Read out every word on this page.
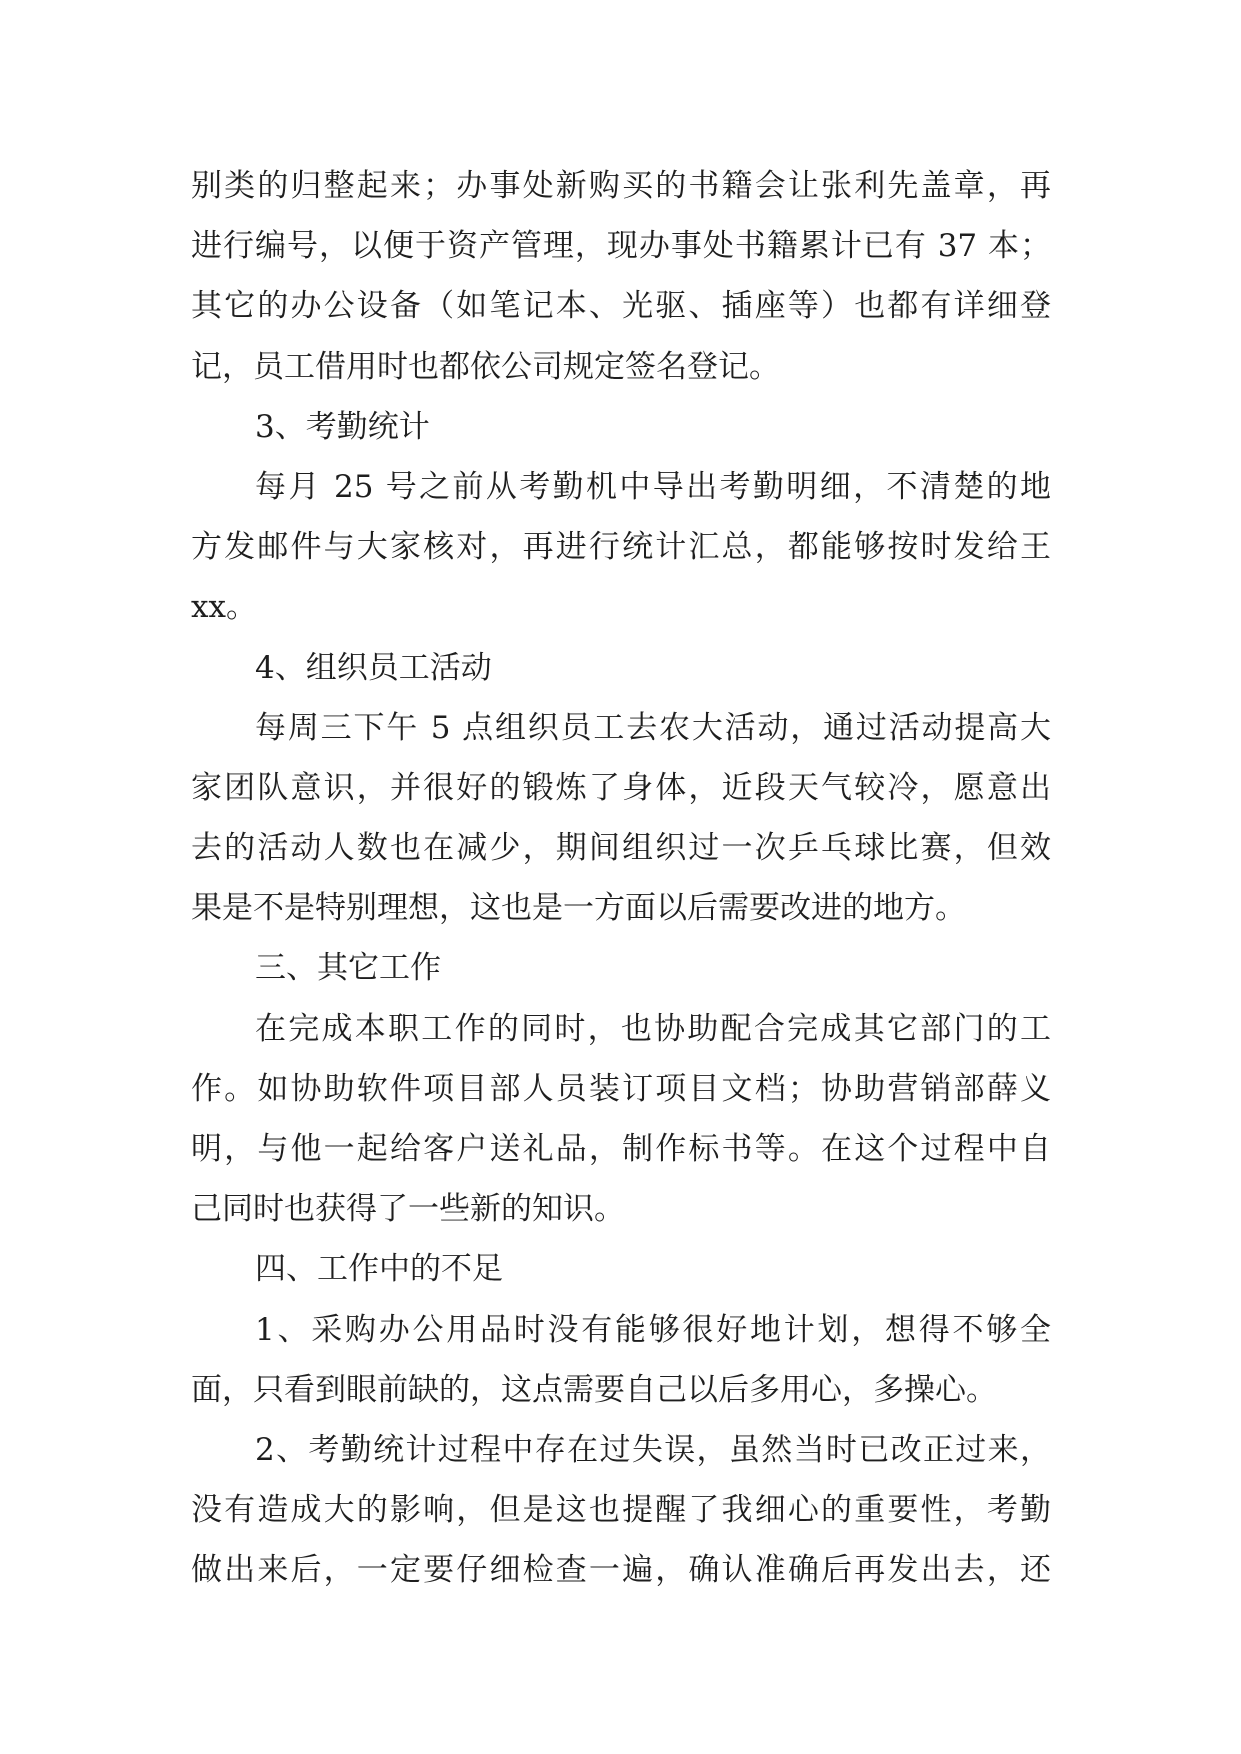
别类的归整起来；办事处新购买的书籍会让张利先盖章，再
进行编号，以便于资产管理，现办事处书籍累计已有 37 本；
其它的办公设备（如笔记本、光驱、插座等）也都有详细登
记，员工借用时也都依公司规定签名登记。
3、考勤统计
每月 25 号之前从考勤机中导出考勤明细，不清楚的地
方发邮件与大家核对，再进行统计汇总，都能够按时发给王
xx。
4、组织员工活动
每周三下午 5 点组织员工去农大活动，通过活动提高大
家团队意识，并很好的锻炼了身体，近段天气较冷，愿意出
去的活动人数也在减少，期间组织过一次乒乓球比赛，但效
果是不是特别理想，这也是一方面以后需要改进的地方。
三、其它工作
在完成本职工作的同时，也协助配合完成其它部门的工
作。如协助软件项目部人员装订项目文档；协助营销部薛义
明，与他一起给客户送礼品，制作标书等。在这个过程中自
己同时也获得了一些新的知识。
四、工作中的不足
1、采购办公用品时没有能够很好地计划，想得不够全
面，只看到眼前缺的，这点需要自己以后多用心，多操心。
2、考勤统计过程中存在过失误，虽然当时已改正过来，
没有造成大的影响，但是这也提醒了我细心的重要性，考勤
做出来后，一定要仔细检查一遍，确认准确后再发出去，还
